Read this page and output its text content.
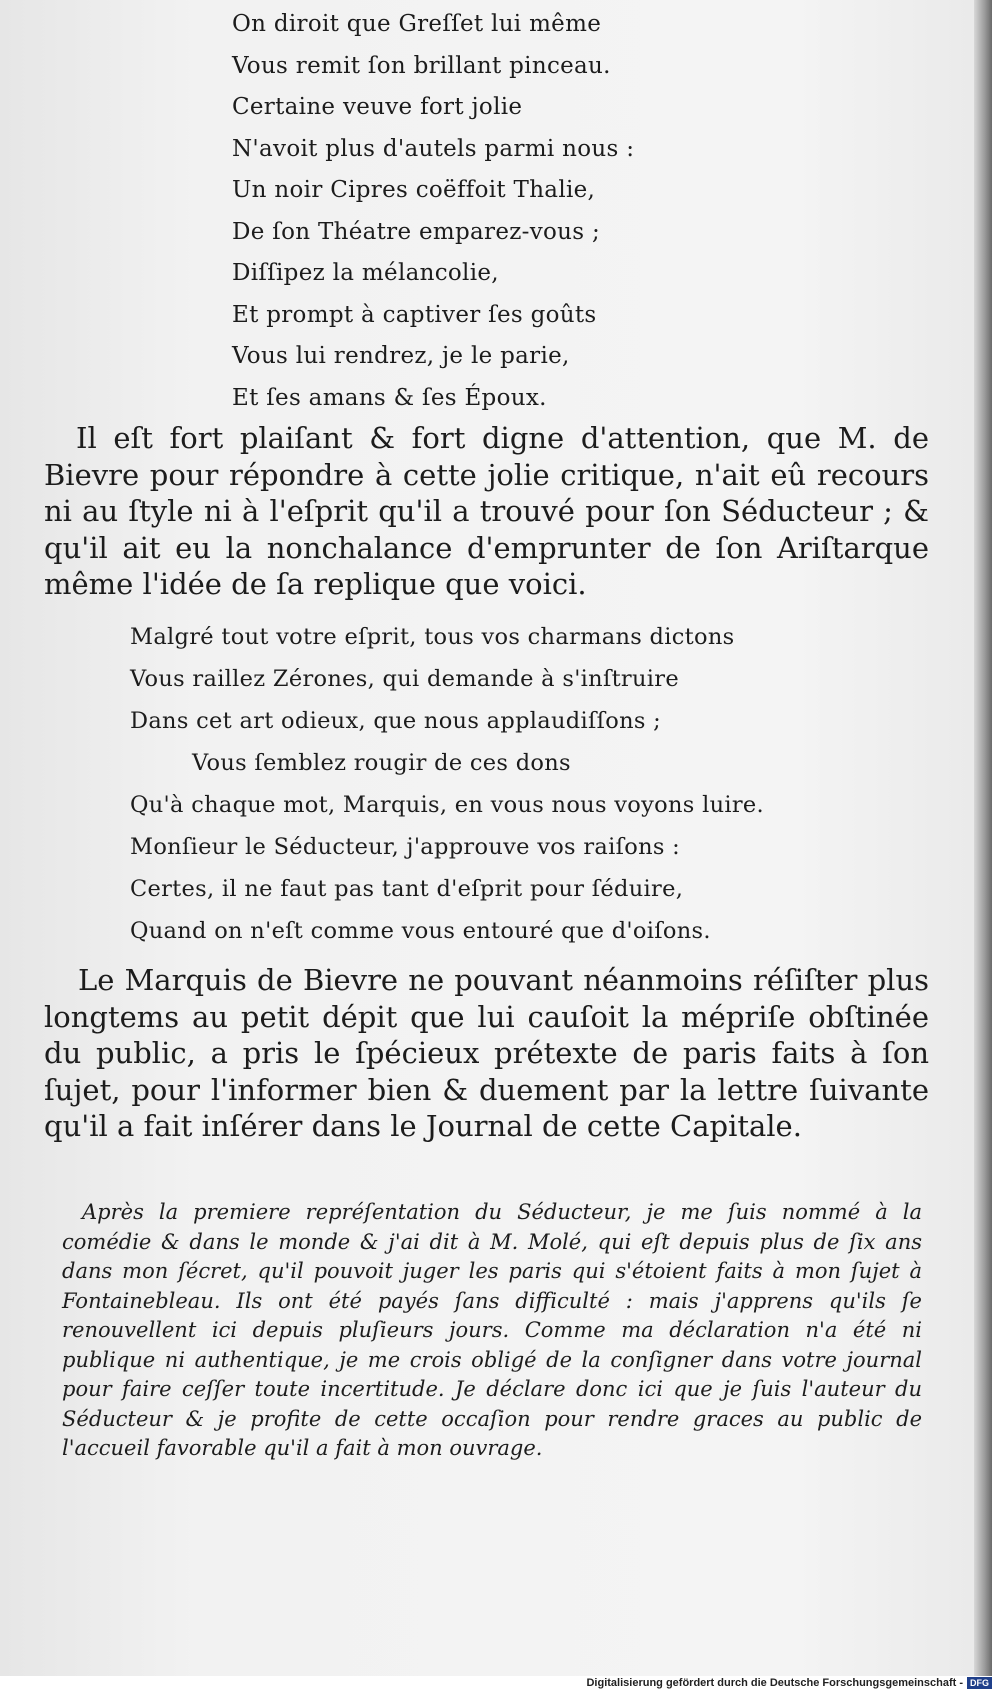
On diroit que Greſſet lui même
Vous remit ſon brillant pinceau.
Certaine veuve fort jolie
N'avoit plus d'autels parmi nous :
Un noir Cipres coëffoit Thalie,
De ſon Théatre emparez-vous ;
Diſſipez la mélancolie,
Et prompt à captiver ſes goûts
Vous lui rendrez, je le parie,
Et ſes amans & ſes Époux.
Il eſt fort plaiſant & fort digne d'attention, que M. de Bievre pour répondre à cette jolie critique, n'ait eû recours ni au ſtyle ni à l'eſprit qu'il a trouvé pour ſon Séducteur ; & qu'il ait eu la nonchalance d'emprunter de ſon Ariſtarque même l'idée de ſa replique que voici.
Malgré tout votre eſprit, tous vos charmans dictons
Vous raillez Zérones, qui demande à s'inſtruire
Dans cet art odieux, que nous applaudiſſons ;
Vous ſemblez rougir de ces dons
Qu'à chaque mot, Marquis, en vous nous voyons luire.
Monſieur le Séducteur, j'approuve vos raiſons :
Certes, il ne faut pas tant d'eſprit pour ſéduire,
Quand on n'eſt comme vous entouré que d'oiſons.
Le Marquis de Bievre ne pouvant néanmoins réſiſter plus longtems au petit dépit que lui cauſoit la mépriſe obſtinée du public, a pris le ſpécieux prétexte de paris faits à ſon ſujet, pour l'informer bien & duement par la lettre ſuivante qu'il a fait inſérer dans le Journal de cette Capitale.
Après la premiere repréſentation du Séducteur, je me ſuis nommé à la comédie & dans le monde & j'ai dit à M. Molé, qui eſt depuis plus de ſix ans dans mon ſécret, qu'il pouvoit juger les paris qui s'étoient faits à mon ſujet à Fontainebleau. Ils ont été payés ſans difficulté : mais j'apprens qu'ils ſe renouvellent ici depuis pluſieurs jours. Comme ma déclaration n'a été ni publique ni authentique, je me crois obligé de la conſigner dans votre journal pour faire ceſſer toute incertitude. Je déclare donc ici que je ſuis l'auteur du Séducteur & je profite de cette occaſion pour rendre graces au public de l'accueil favorable qu'il a fait à mon ouvrage.
Digitalisierung gefördert durch die Deutsche Forschungsgemeinschaft - DFG
